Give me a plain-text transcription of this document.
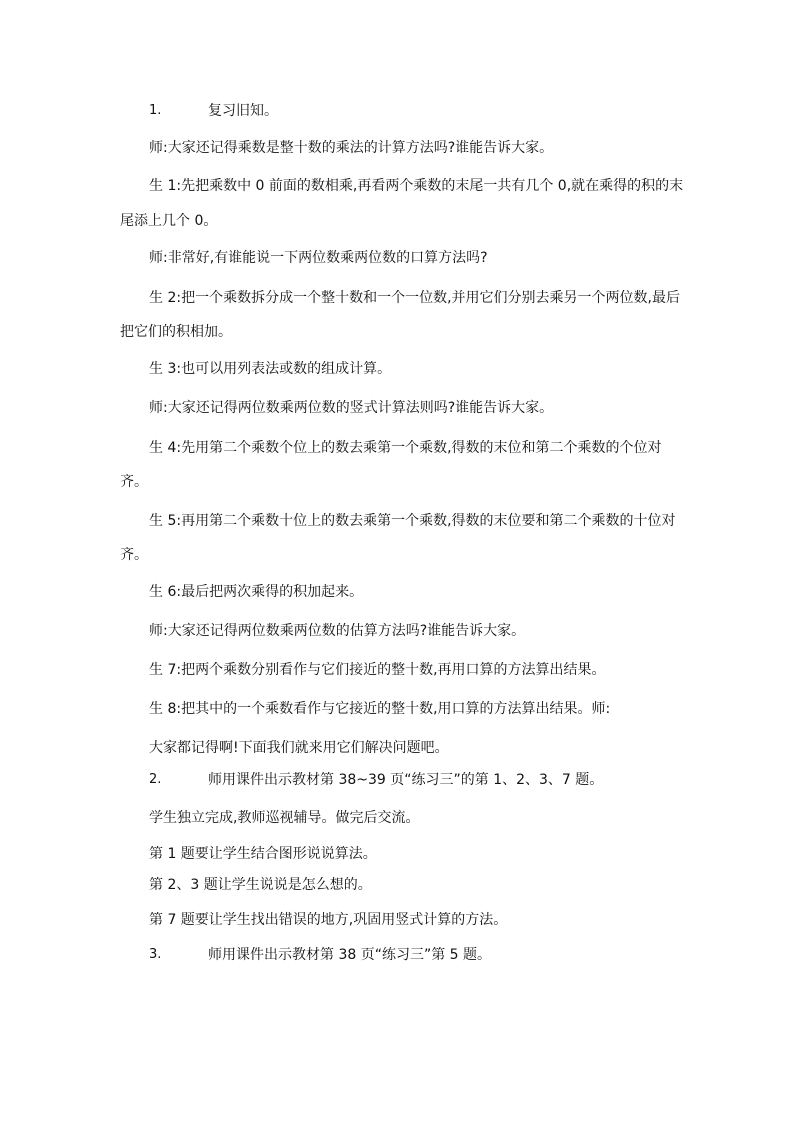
1.	复习旧知。
师:大家还记得乘数是整十数的乘法的计算方法吗?谁能告诉大家。
生 1:先把乘数中 0 前面的数相乘,再看两个乘数的末尾一共有几个 0,就在乘得的积的末
尾添上几个 0。
师:非常好,有谁能说一下两位数乘两位数的口算方法吗?
生 2:把一个乘数拆分成一个整十数和一个一位数,并用它们分别去乘另一个两位数,最后
把它们的积相加。
生 3:也可以用列表法或数的组成计算。
师:大家还记得两位数乘两位数的竖式计算法则吗?谁能告诉大家。
生 4:先用第二个乘数个位上的数去乘第一个乘数,得数的末位和第二个乘数的个位对
齐。
生 5:再用第二个乘数十位上的数去乘第一个乘数,得数的末位要和第二个乘数的十位对
齐。
生 6:最后把两次乘得的积加起来。
师:大家还记得两位数乘两位数的估算方法吗?谁能告诉大家。
生 7:把两个乘数分别看作与它们接近的整十数,再用口算的方法算出结果。
生 8:把其中的一个乘数看作与它接近的整十数,用口算的方法算出结果。师:
大家都记得啊!下面我们就来用它们解决问题吧。
2.	师用课件出示教材第 38~39 页“练习三”的第 1、2、3、7 题。
学生独立完成,教师巡视辅导。做完后交流。
第 1 题要让学生结合图形说说算法。
第 2、3 题让学生说说是怎么想的。
第 7 题要让学生找出错误的地方,巩固用竖式计算的方法。
3.	师用课件出示教材第 38 页“练习三”第 5 题。
